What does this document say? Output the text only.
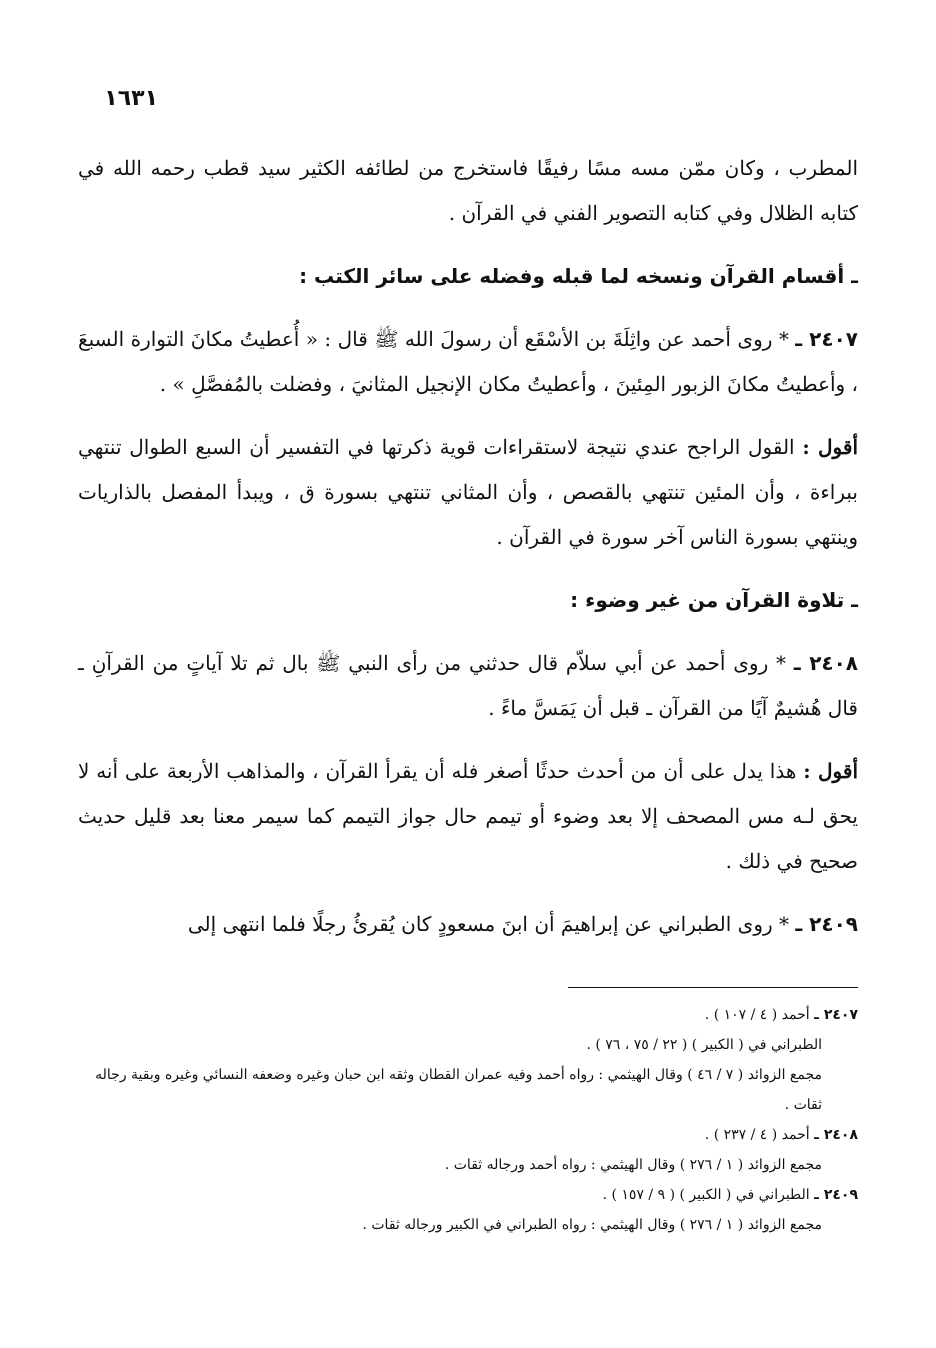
١٦٣١

المطرب ، وكان ممّن مسه مسًا رفيقًا فاستخرج من لطائفه الكثير سيد قطب رحمه الله في كتابه الظلال وفي كتابه التصوير الفني في القرآن .

ـ أقسام القرآن ونسخه لما قبله وفضله على سائر الكتب :

٢٤٠٧ ـ * روى أحمد عن واثِلَةَ بن الأسْقَع أن رسولَ الله ﷺ قال : « أُعطيتُ مكانَ التوارة السبعَ ، وأعطيتُ مكانَ الزبور المِئينَ ، وأعطيتُ مكان الإنجيل المثانيَ ، وفضلت بالمُفصَّلِ » .

أقول : القول الراجح عندي نتيجة لاستقراءات قوية ذكرتها في التفسير أن السبع الطوال تنتهي ببراءة ، وأن المئين تنتهي بالقصص ، وأن المثاني تنتهي بسورة ق ، ويبدأ المفصل بالذاريات وينتهي بسورة الناس آخر سورة في القرآن .

ـ تلاوة القرآن من غير وضوء :

٢٤٠٨ ـ * روى أحمد عن أبي سلاّم قال حدثني من رأى النبي ﷺ بال ثم تلا آياتٍ من القرآنِ ـ قال هُشيمٌ آيًا من القرآن ـ قبل أن يَمَسَّ ماءً .

أقول : هذا يدل على أن من أحدث حدثًا أصغر فله أن يقرأ القرآن ، والمذاهب الأربعة على أنه لا يحق لـه مس المصحف إلا بعد وضوء أو تيمم حال جواز التيمم كما سيمر معنا بعد قليل حديث صحيح في ذلك .

٢٤٠٩ ـ * روى الطبراني عن إبراهيمَ أن ابنَ مسعودٍ كان يُقرئُ رجلًا فلما انتهى إلى

٢٤٠٧ ـ أحمد ( ٤ / ١٠٧ ) .

الطبراني في ( الكبير ) ( ٢٢ / ٧٥ ، ٧٦ ) .

مجمع الزوائد ( ٧ / ٤٦ ) وقال الهيثمي : رواه أحمد وفيه عمران القطان وثقه ابن حبان وغيره وضعفه النسائي وغيره وبقية رجاله ثقات .

٢٤٠٨ ـ أحمد ( ٤ / ٢٣٧ ) .

مجمع الزوائد ( ١ / ٢٧٦ ) وقال الهيثمي : رواه أحمد ورجاله ثقات .

٢٤٠٩ ـ الطبراني في ( الكبير ) ( ٩ / ١٥٧ ) .

مجمع الزوائد ( ١ / ٢٧٦ ) وقال الهيثمي : رواه الطبراني في الكبير ورجاله ثقات .
